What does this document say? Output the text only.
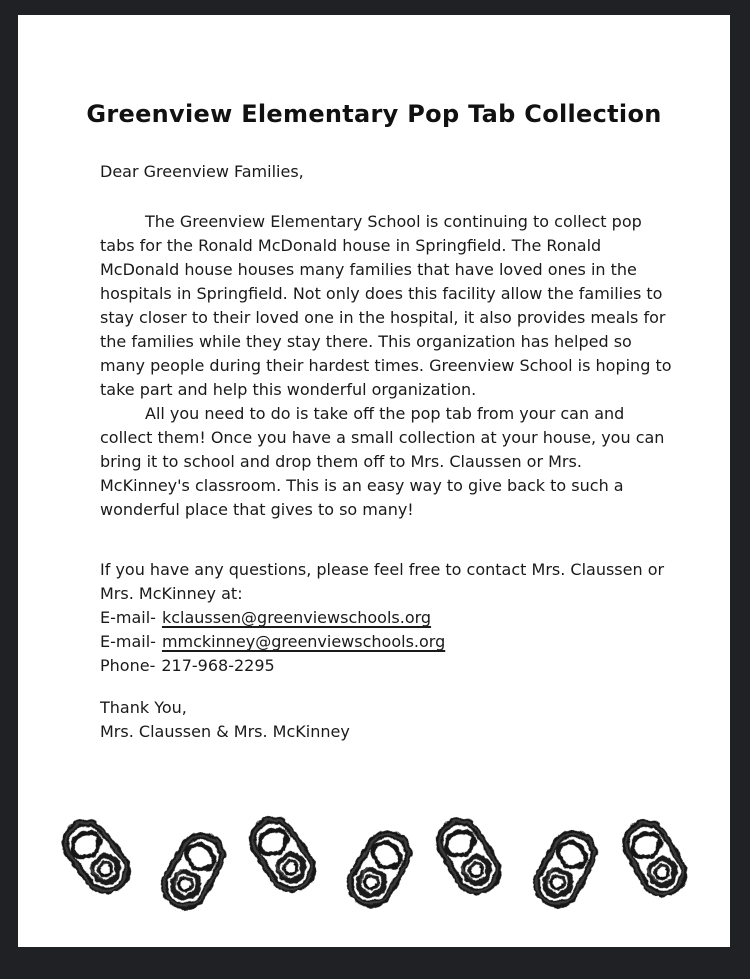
Greenview Elementary Pop Tab Collection

Dear Greenview Families,

The Greenview Elementary School is continuing to collect pop tabs for the Ronald McDonald house in Springfield. The Ronald McDonald house houses many families that have loved ones in the hospitals in Springfield. Not only does this facility allow the families to stay closer to their loved one in the hospital, it also provides meals for the families while they stay there. This organization has helped so many people during their hardest times. Greenview School is hoping to take part and help this wonderful organization.

All you need to do is take off the pop tab from your can and collect them! Once you have a small collection at your house, you can bring it to school and drop them off to Mrs. Claussen or Mrs. McKinney's classroom. This is an easy way to give back to such a wonderful place that gives to so many!

If you have any questions, please feel free to contact Mrs. Claussen or Mrs. McKinney at:

E-mail- kclaussen@greenviewschools.org

E-mail- mmckinney@greenviewschools.org

Phone- 217-968-2295

Thank You,

Mrs. Claussen & Mrs. McKinney
